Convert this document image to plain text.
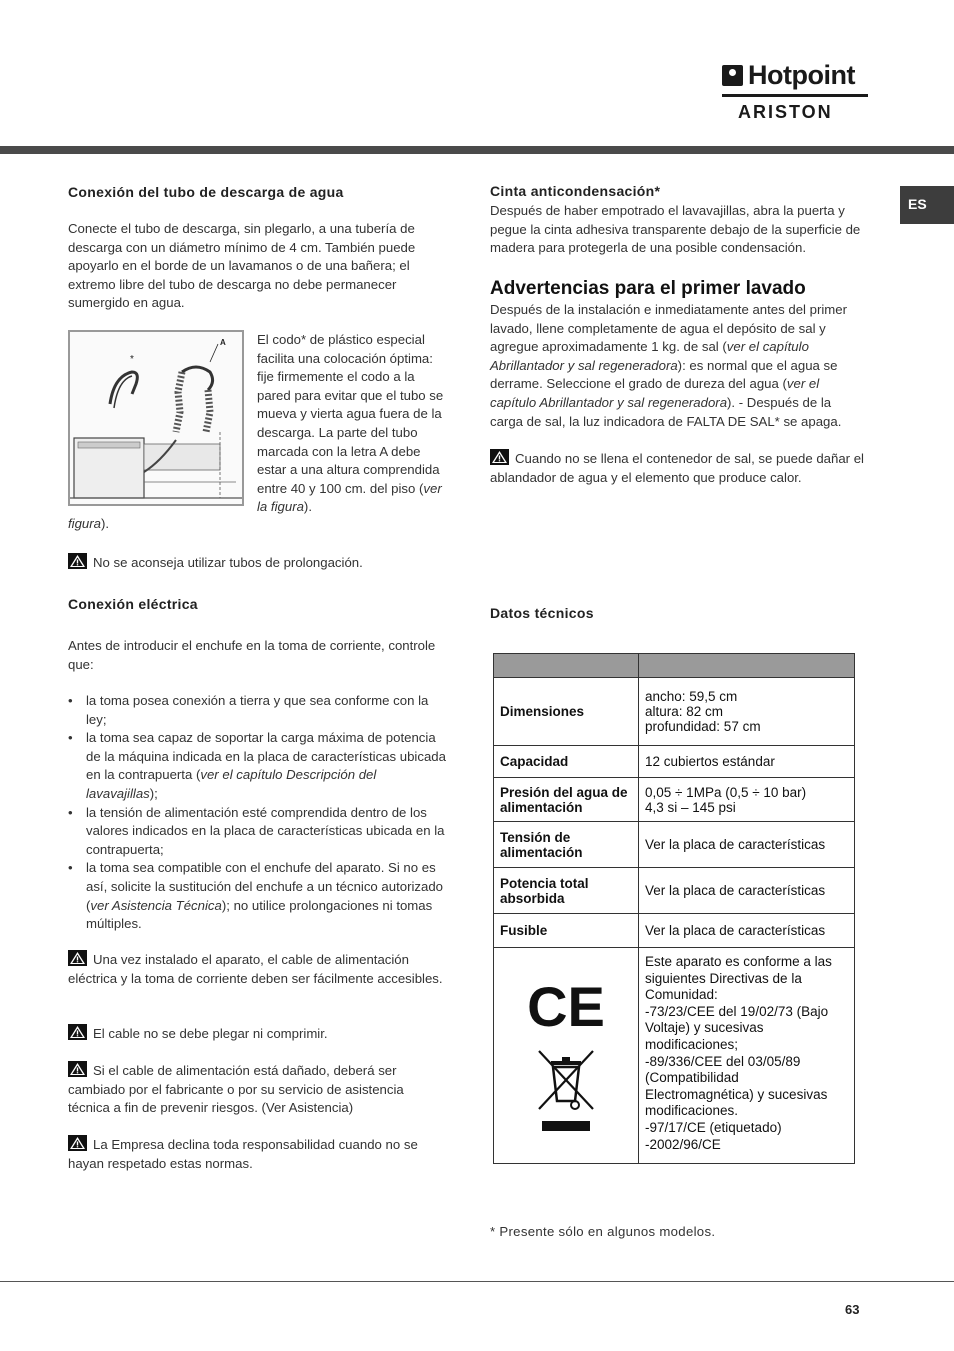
Hotpoint
ARISTON
ES
Conexión del tubo de descarga de agua
Conecte el tubo de descarga, sin plegarlo, a una tubería de descarga con un diámetro mínimo de 4 cm. También puede apoyarlo en el borde de un lavamanos o de una bañera; el extremo libre del tubo de descarga no debe permanecer sumergido en agua.
A
*
El codo* de plástico especial facilita una colocación óptima: fije firmemente el codo a la pared para evitar que el tubo se mueva y vierta agua fuera de la descarga. La parte del tubo marcada con la letra A debe estar a una altura comprendida entre 40 y 100 cm. del piso (ver la figura).
figura).
No se aconseja utilizar tubos de prolongación.
Conexión eléctrica
Antes de introducir el enchufe en la toma de corriente, controle que:
• la toma posea conexión a tierra y que sea conforme con la ley;
• la toma sea capaz de soportar la carga máxima de potencia de la máquina indicada en la placa de características ubicada en la contrapuerta (ver el capítulo Descripción del lavavajillas);
• la tensión de alimentación esté comprendida dentro de los valores indicados en la placa de características ubicada en la contrapuerta;
• la toma sea compatible con el enchufe del aparato. Si no es así, solicite la sustitución del enchufe a un técnico autorizado (ver Asistencia Técnica); no utilice prolongaciones ni tomas múltiples.
Una vez instalado el aparato, el cable de alimentación eléctrica y la toma de corriente deben ser fácilmente accesibles.
El cable no se debe plegar ni comprimir.
Si el cable de alimentación está dañado, deberá ser cambiado por el fabricante o por su servicio de asistencia técnica a fin de prevenir riesgos. (Ver Asistencia)
La Empresa declina toda responsabilidad cuando no se hayan respetado estas normas.
Cinta anticondensación*
Después de haber empotrado el lavavajillas, abra la puerta y pegue la cinta adhesiva transparente debajo de la superficie de madera para protegerla de una posible condensación.
Advertencias para el primer lavado
Después de la instalación e inmediatamente antes del primer lavado, llene completamente de agua el depósito de sal y agregue aproximadamente 1 kg. de sal (ver el capítulo Abrillantador y sal regeneradora): es normal que el agua se derrame. Seleccione el grado de dureza del agua (ver el capítulo Abrillantador y sal regeneradora). - Después de la carga de sal, la luz indicadora de FALTA DE SAL* se apaga.
Cuando no se llena el contenedor de sal, se puede dañar el ablandador de agua y el elemento que produce calor.
Datos técnicos

Dimensiones	ancho: 59,5 cm
altura: 82 cm
profundidad: 57 cm

Capacidad	12 cubiertos estándar
Presión del agua de alimentación	0,05 ÷ 1MPa (0,5 ÷ 10 bar)
4,3 si – 145 psi

Tensión de alimentación	Ver la placa de características
Potencia total absorbida	Ver la placa de características
Fusible	Ver la placa de características

CE	Este aparato es conforme a las siguientes Directivas de la Comunidad:
-73/23/CEE del 19/02/73 (Bajo Voltaje) y sucesivas modificaciones;
-89/336/CEE del 03/05/89 (Compatibilidad Electromagnética) y sucesivas modificaciones.
-97/17/CE (etiquetado)
-2002/96/CE
* Presente sólo en algunos modelos.
63
